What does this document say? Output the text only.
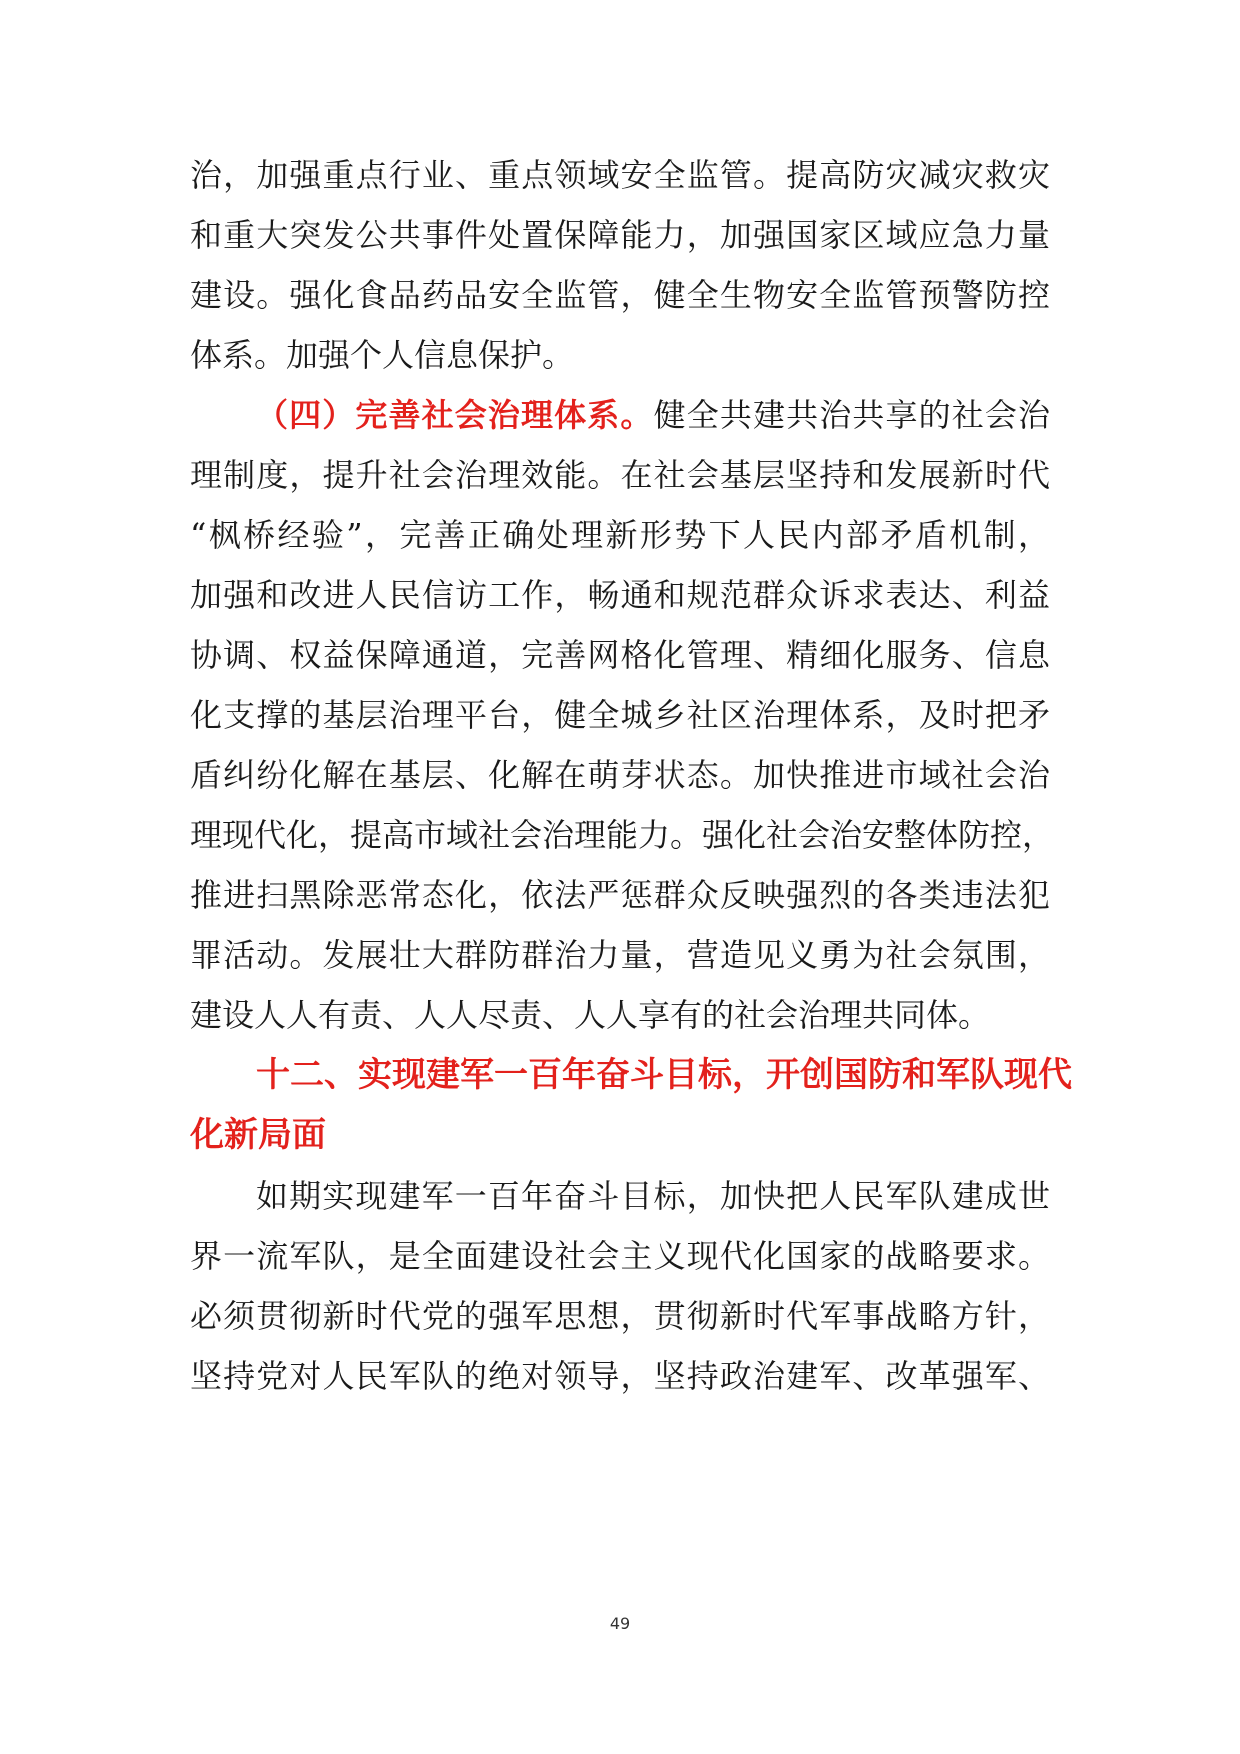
治，加强重点行业、重点领域安全监管。提高防灾减灾救灾
和重大突发公共事件处置保障能力，加强国家区域应急力量
建设。强化食品药品安全监管，健全生物安全监管预警防控
体系。加强个人信息保护。
（四）完善社会治理体系。健全共建共治共享的社会治
理制度，提升社会治理效能。在社会基层坚持和发展新时代
“枫桥经验”，完善正确处理新形势下人民内部矛盾机制，
加强和改进人民信访工作，畅通和规范群众诉求表达、利益
协调、权益保障通道，完善网格化管理、精细化服务、信息
化支撑的基层治理平台，健全城乡社区治理体系，及时把矛
盾纠纷化解在基层、化解在萌芽状态。加快推进市域社会治
理现代化，提高市域社会治理能力。强化社会治安整体防控，
推进扫黑除恶常态化，依法严惩群众反映强烈的各类违法犯
罪活动。发展壮大群防群治力量，营造见义勇为社会氛围，
建设人人有责、人人尽责、人人享有的社会治理共同体。
十二、实现建军一百年奋斗目标，开创国防和军队现代
化新局面
如期实现建军一百年奋斗目标，加快把人民军队建成世
界一流军队，是全面建设社会主义现代化国家的战略要求。
必须贯彻新时代党的强军思想，贯彻新时代军事战略方针，
坚持党对人民军队的绝对领导，坚持政治建军、改革强军、
49
